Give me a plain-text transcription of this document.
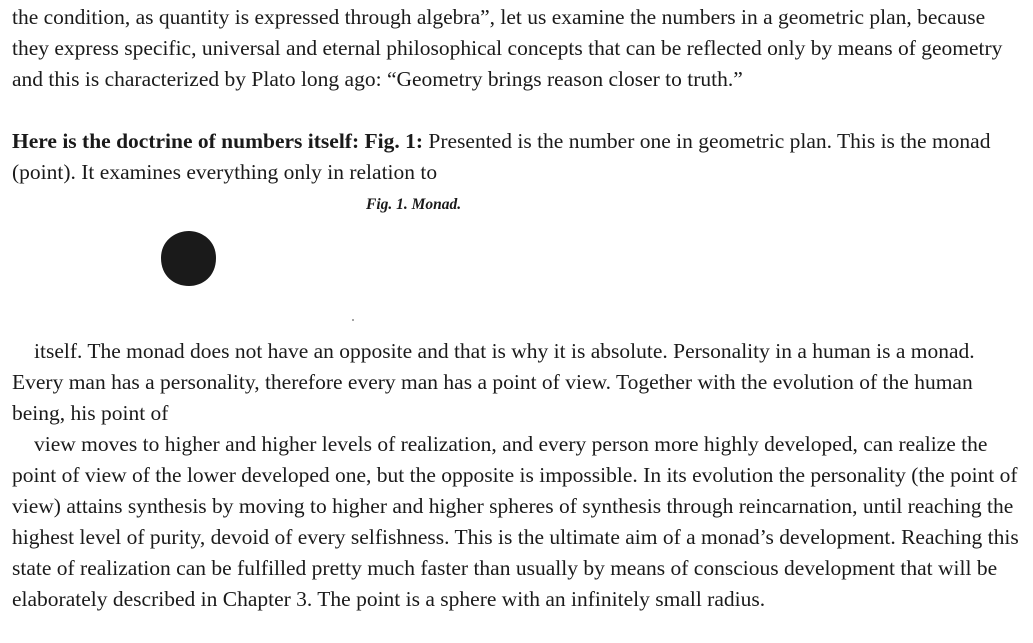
the condition, as quantity is expressed through algebra”, let us examine the numbers in a geometric plan, because they express specific, universal and eternal philosophical concepts that can be reflected only by means of geometry and this is characterized by Plato long ago: “Geometry brings reason closer to truth.”

Here is the doctrine of numbers itself: Fig. 1: Presented is the number one in geometric plan. This is the monad (point). It examines everything only in relation to

Fig. 1. Monad.

itself. The monad does not have an opposite and that is why it is absolute. Personality in a human is a monad. Every man has a personality, therefore every man has a point of view. Together with the evolution of the human being, his point of

view moves to higher and higher levels of realization, and every person more highly developed, can realize the point of view of the lower developed one, but the opposite is impossible. In its evolution the personality (the point of view) attains synthesis by moving to higher and higher spheres of synthesis through reincarnation, until reaching the highest level of purity, devoid of every selfishness. This is the ultimate aim of a monad’s development. Reaching this state of realization can be fulfilled pretty much faster than usually by means of conscious development that will be elaborately described in Chapter 3. The point is a sphere with an infinitely small radius.
